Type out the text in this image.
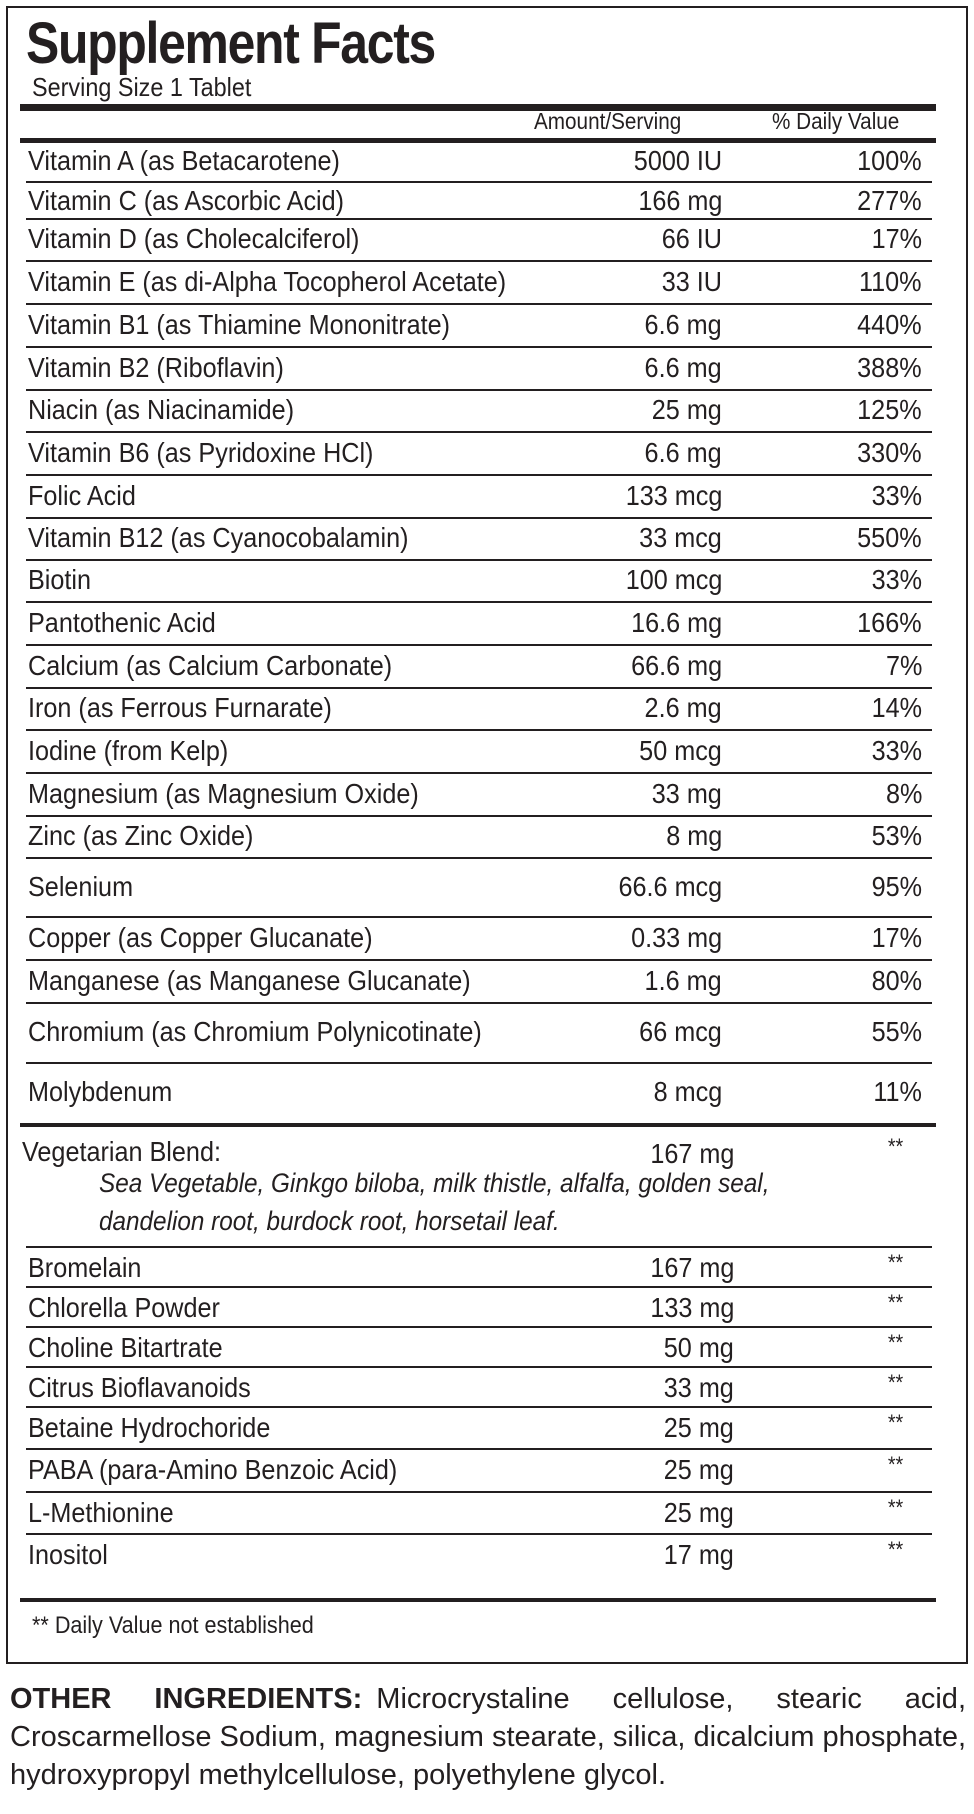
Supplement Facts
Serving Size 1 Tablet
Amount/Serving	% Daily Value
Vitamin A (as Betacarotene)	5000 IU	100%
Vitamin C (as Ascorbic Acid)	166 mg	277%
Vitamin D (as Cholecalciferol)	66 IU	17%
Vitamin E (as di-Alpha Tocopherol Acetate)	33 IU	110%
Vitamin B1 (as Thiamine Mononitrate)	6.6 mg	440%
Vitamin B2 (Riboflavin)	6.6 mg	388%
Niacin (as Niacinamide)	25 mg	125%
Vitamin B6 (as Pyridoxine HCl)	6.6 mg	330%
Folic Acid	133 mcg	33%
Vitamin B12 (as Cyanocobalamin)	33 mcg	550%
Biotin	100 mcg	33%
Pantothenic Acid	16.6 mg	166%
Calcium (as Calcium Carbonate)	66.6 mg	7%
Iron (as Ferrous Furnarate)	2.6 mg	14%
Iodine (from Kelp)	50 mcg	33%
Magnesium (as Magnesium Oxide)	33 mg	8%
Zinc (as Zinc Oxide)	8 mg	53%
Selenium	66.6 mcg	95%
Copper (as Copper Glucanate)	0.33 mg	17%
Manganese (as Manganese Glucanate)	1.6 mg	80%
Chromium (as Chromium Polynicotinate)	66 mcg	55%
Molybdenum	8 mcg	11%
Vegetarian Blend:	167 mg	**
Sea Vegetable, Ginkgo biloba, milk thistle, alfalfa, golden seal,
dandelion root, burdock root, horsetail leaf.
Bromelain	167 mg	**
Chlorella Powder	133 mg	**
Choline Bitartrate	50 mg	**
Citrus Bioflavanoids	33 mg	**
Betaine Hydrochoride	25 mg	**
PABA (para-Amino Benzoic Acid)	25 mg	**
L-Methionine	25 mg	**
Inositol	17 mg	**
** Daily Value not established
OTHER INGREDIENTS: Microcrystaline cellulose, stearic acid, Croscarmellose Sodium, magnesium stearate, silica, dicalcium phosphate, hydroxypropyl methylcellulose, polyethylene glycol.
